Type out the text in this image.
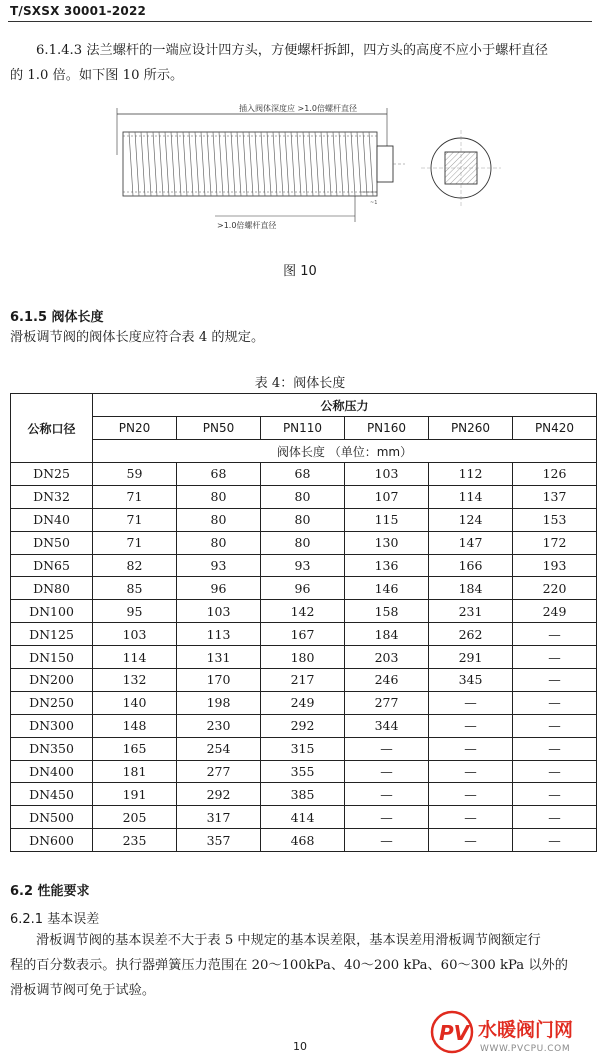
T/SXSX 30001-2022
6.1.4.3 法兰螺杆的一端应设计四方头，方便螺杆拆卸，四方头的高度不应小于螺杆直径
的 1.0 倍。如下图 10 所示。
插入阀体深度应 >1.0倍螺杆直径
~1
>1.0倍螺杆直径
图 10
6.1.5 阀体长度
滑板调节阀的阀体长度应符合表 4 的规定。
表 4：阀体长度
公称口径	公称压力					
	PN20	PN50	PN110	PN160	PN260	PN420
	阀体长度 （单位：mm）					
DN25	59	68	68	103	112	126
DN32	71	80	80	107	114	137
DN40	71	80	80	115	124	153
DN50	71	80	80	130	147	172
DN65	82	93	93	136	166	193
DN80	85	96	96	146	184	220
DN100	95	103	142	158	231	249
DN125	103	113	167	184	262	—
DN150	114	131	180	203	291	—
DN200	132	170	217	246	345	—
DN250	140	198	249	277	—	—
DN300	148	230	292	344	—	—
DN350	165	254	315	—	—	—
DN400	181	277	355	—	—	—
DN450	191	292	385	—	—	—
DN500	205	317	414	—	—	—
DN600	235	357	468	—	—	—
6.2 性能要求
6.2.1 基本误差
滑板调节阀的基本误差不大于表 5 中规定的基本误差限，基本误差用滑板调节阀额定行
程的百分数表示。执行器弹簧压力范围在 20～100kPa、40～200 kPa、60～300 kPa 以外的
滑板调节阀可免于试验。
PV 水暖阀门网
WWW.PVCPU.COM
10
